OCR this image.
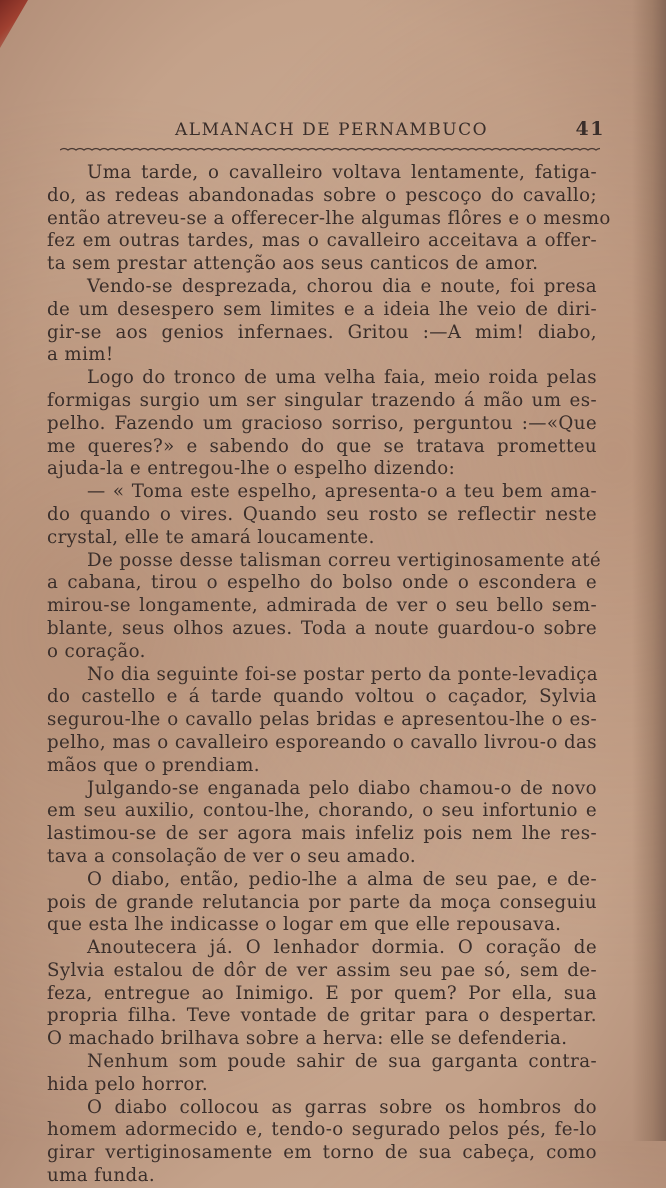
ALMANACH DE PERNAMBUCO	41
Uma tarde, o cavalleiro voltava lentamente, fatiga-
do, as redeas abandonadas sobre o pescoço do cavallo;
então atreveu-se a offerecer-lhe algumas flôres e o mesmo
fez em outras tardes, mas o cavalleiro acceitava a offer-
ta sem prestar attenção aos seus canticos de amor.
Vendo-se desprezada, chorou dia e noute, foi presa
de um desespero sem limites e a ideia lhe veio de diri-
gir-se aos genios infernaes. Gritou :—A mim! diabo,
a mim!
Logo do tronco de uma velha faia, meio roida pelas
formigas surgio um ser singular trazendo á mão um es-
pelho. Fazendo um gracioso sorriso, perguntou :—«Que
me queres?» e sabendo do que se tratava prometteu
ajuda-la e entregou-lhe o espelho dizendo:
— « Toma este espelho, apresenta-o a teu bem ama-
do quando o vires. Quando seu rosto se reflectir neste
crystal, elle te amará loucamente.
De posse desse talisman correu vertiginosamente até
a cabana, tirou o espelho do bolso onde o escondera e
mirou-se longamente, admirada de ver o seu bello sem-
blante, seus olhos azues. Toda a noute guardou-o sobre
o coração.
No dia seguinte foi-se postar perto da ponte-levadiça
do castello e á tarde quando voltou o caçador, Sylvia
segurou-lhe o cavallo pelas bridas e apresentou-lhe o es-
pelho, mas o cavalleiro esporeando o cavallo livrou-o das
mãos que o prendiam.
Julgando-se enganada pelo diabo chamou-o de novo
em seu auxilio, contou-lhe, chorando, o seu infortunio e
lastimou-se de ser agora mais infeliz pois nem lhe res-
tava a consolação de ver o seu amado.
O diabo, então, pedio-lhe a alma de seu pae, e de-
pois de grande relutancia por parte da moça conseguiu
que esta lhe indicasse o logar em que elle repousava.
Anoutecera já. O lenhador dormia. O coração de
Sylvia estalou de dôr de ver assim seu pae só, sem de-
feza, entregue ao Inimigo. E por quem? Por ella, sua
propria filha. Teve vontade de gritar para o despertar.
O machado brilhava sobre a herva: elle se defenderia.
Nenhum som poude sahir de sua garganta contra-
hida pelo horror.
O diabo collocou as garras sobre os hombros do
homem adormecido e, tendo-o segurado pelos pés, fe-lo
girar vertiginosamente em torno de sua cabeça, como
uma funda.
